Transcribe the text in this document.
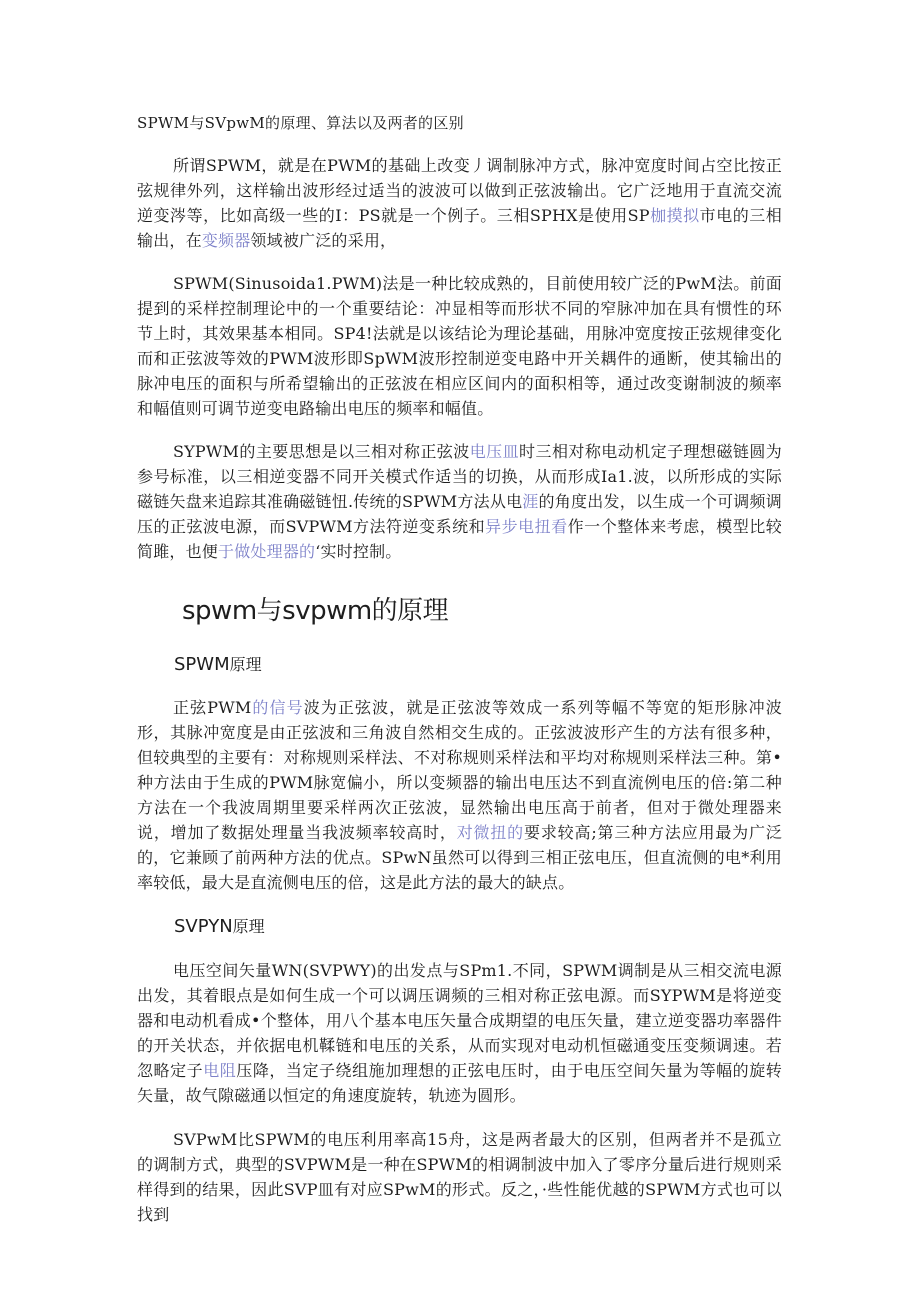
SPWM与SVpwM的原理、算法以及两者的区别

所谓SPWM，就是在PWM的基础上改变丿调制脉冲方式，脉冲宽度时间占空比按正弦规律外列，这样输出波形经过适当的波波可以做到正弦波输出。它广泛地用于直流交流逆变涔等，比如高级一些的I：PS就是一个例子。三相SPHX是使用SP枷摸拟市电的三相输出，在变频器领域被广泛的采用，

SPWM(Sinusoida1.PWM)法是一种比较成熟的，目前使用较广泛的PwM法。前面提到的采样控制理论中的一个重要结论：冲显相等而形状不同的窄脉冲加在具有惯性的环节上时，其效果基本相同。SP4!法就是以该结论为理论基础，用脉冲宽度按正弦规律变化而和正弦波等效的PWM波形即SpWM波形控制逆变电路中开关耦件的通断，使其输出的脉冲电压的面积与所希望输出的正弦波在相应区间内的面积相等，通过改变谢制波的频率和幅值则可调节逆变电路输出电压的频率和幅值。

SYPWM的主要思想是以三相对称正弦波电压皿时三相对称电动机定子理想磁链圆为参号标准，以三相逆变器不同开关模式作适当的切换，从而形成Ia1.波，以所形成的实际磁链矢盘来追踪其准确磁链忸.传统的SPWM方法从电涯的角度出发，以生成一个可调频调压的正弦波电源，而SVPWM方法符逆变系统和异步电扭看作一个整体来考虑，模型比较简雎，也便于做处理器的‘实时控制。

spwm与svpwm的原理
SPWM原理

正弦PWM的信号波为正弦波，就是正弦波等效成一系列等幅不等宽的矩形脉冲波形，其脉冲宽度是由正弦波和三角波自然相交生成的。正弦波波形产生的方法有很多种，但较典型的主要有：对称规则采样法、不对称规则采样法和平均对称规则采样法三种。第•种方法由于生成的PWM脉宽偏小，所以变频器的输出电压达不到直流例电压的倍:第二种方法在一个我波周期里要采样两次正弦波，显然输出电压高于前者，但对于微处理器来说，增加了数据处理量当我波频率较高时，对微扭的要求较高;第三种方法应用最为广泛的，它兼顾了前两种方法的优点。SPwN虽然可以得到三相正弦电压，但直流侧的电*利用率较低，最大是直流侧电压的倍，这是此方法的最大的缺点。

SVPYN原理

电压空间矢量WN(SVPWY)的出发点与SPm1.不同，SPWM调制是从三相交流电源出发，其着眼点是如何生成一个可以调压调频的三相对称正弦电源。而SYPWM是将逆变器和电动机看成•个整体，用八个基本电压矢量合成期望的电压矢量，建立逆变器功率器件的开关状态，并依据电机鞣链和电压的关系，从而实现对电动机恒磁通变压变频调速。若忽略定子电阻压降，当定子绕组施加理想的正弦电压时，由于电压空间矢量为等幅的旋转矢量，故气隙磁通以恒定的角速度旋转，轨迹为圆形。

SVPwM比SPWM的电压利用率高15舟，这是两者最大的区别，但两者并不是孤立的调制方式，典型的SVPWM是一种在SPWM的相调制波中加入了零序分量后进行规则采样得到的结果，因此SVP皿有对应SPwM的形式。反之，·些性能优越的SPWM方式也可以找到
